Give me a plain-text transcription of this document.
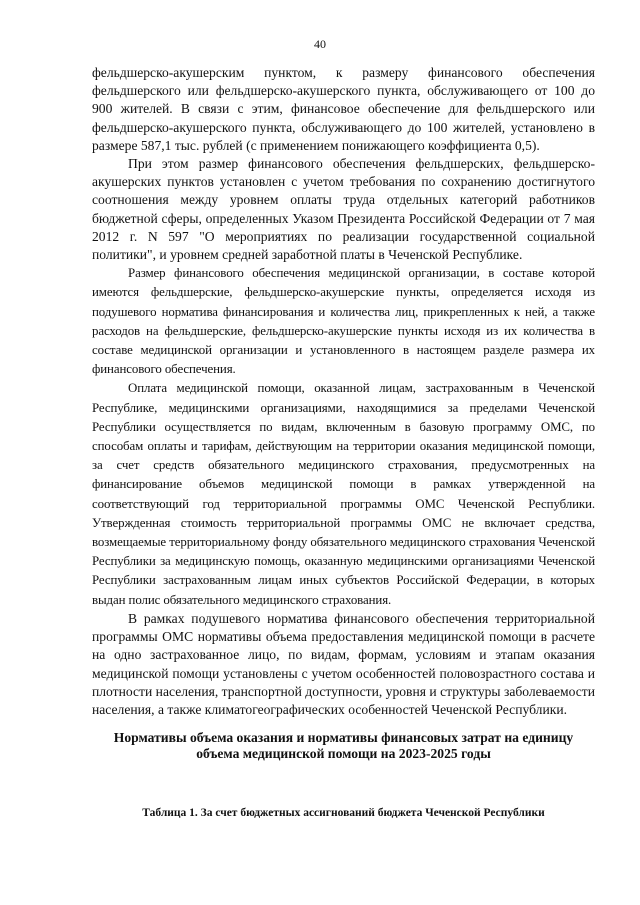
40

фельдшерско-акушерским пунктом, к размеру финансового обеспечения фельдшерского или фельдшерско-акушерского пункта, обслуживающего от 100 до 900 жителей. В связи с этим, финансовое обеспечение для фельдшерского или фельдшерско-акушерского пункта, обслуживающего до 100 жителей, установлено в размере 587,1 тыс. рублей (с применением понижающего коэффициента 0,5).

При этом размер финансового обеспечения фельдшерских, фельдшерско-акушерских пунктов установлен с учетом требования по сохранению достигнутого соотношения между уровнем оплаты труда отдельных категорий работников бюджетной сферы, определенных Указом Президента Российской Федерации от 7 мая 2012 г. N 597 "О мероприятиях по реализации государственной социальной политики", и уровнем средней заработной платы в Чеченской Республике.

Размер финансового обеспечения медицинской организации, в составе которой имеются фельдшерские, фельдшерско-акушерские пункты, определяется исходя из подушевого норматива финансирования и количества лиц, прикрепленных к ней, а также расходов на фельдшерские, фельдшерско-акушерские пункты исходя из их количества в составе медицинской организации и установленного в настоящем разделе размера их финансового обеспечения.

Оплата медицинской помощи, оказанной лицам, застрахованным в Чеченской Республике, медицинскими организациями, находящимися за пределами Чеченской Республики осуществляется по видам, включенным в базовую программу ОМС, по способам оплаты и тарифам, действующим на территории оказания медицинской помощи, за счет средств обязательного медицинского страхования, предусмотренных на финансирование объемов медицинской помощи в рамках утвержденной на соответствующий год территориальной программы ОМС Чеченской Республики. Утвержденная стоимость территориальной программы ОМС не включает средства, возмещаемые территориальному фонду обязательного медицинского страхования Чеченской Республики за медицинскую помощь, оказанную медицинскими организациями Чеченской Республики застрахованным лицам иных субъектов Российской Федерации, в которых выдан полис обязательного медицинского страхования.

В рамках подушевого норматива финансового обеспечения территориальной программы ОМС нормативы объема предоставления медицинской помощи в расчете на одно застрахованное лицо, по видам, формам, условиям и этапам оказания медицинской помощи установлены с учетом особенностей половозрастного состава и плотности населения, транспортной доступности, уровня и структуры заболеваемости населения, а также климатогеографических особенностей Чеченской Республики.

Нормативы объема оказания и нормативы финансовых затрат на единицу объема медицинской помощи на 2023-2025 годы
Таблица 1. За счет бюджетных ассигнований бюджета Чеченской Республики
